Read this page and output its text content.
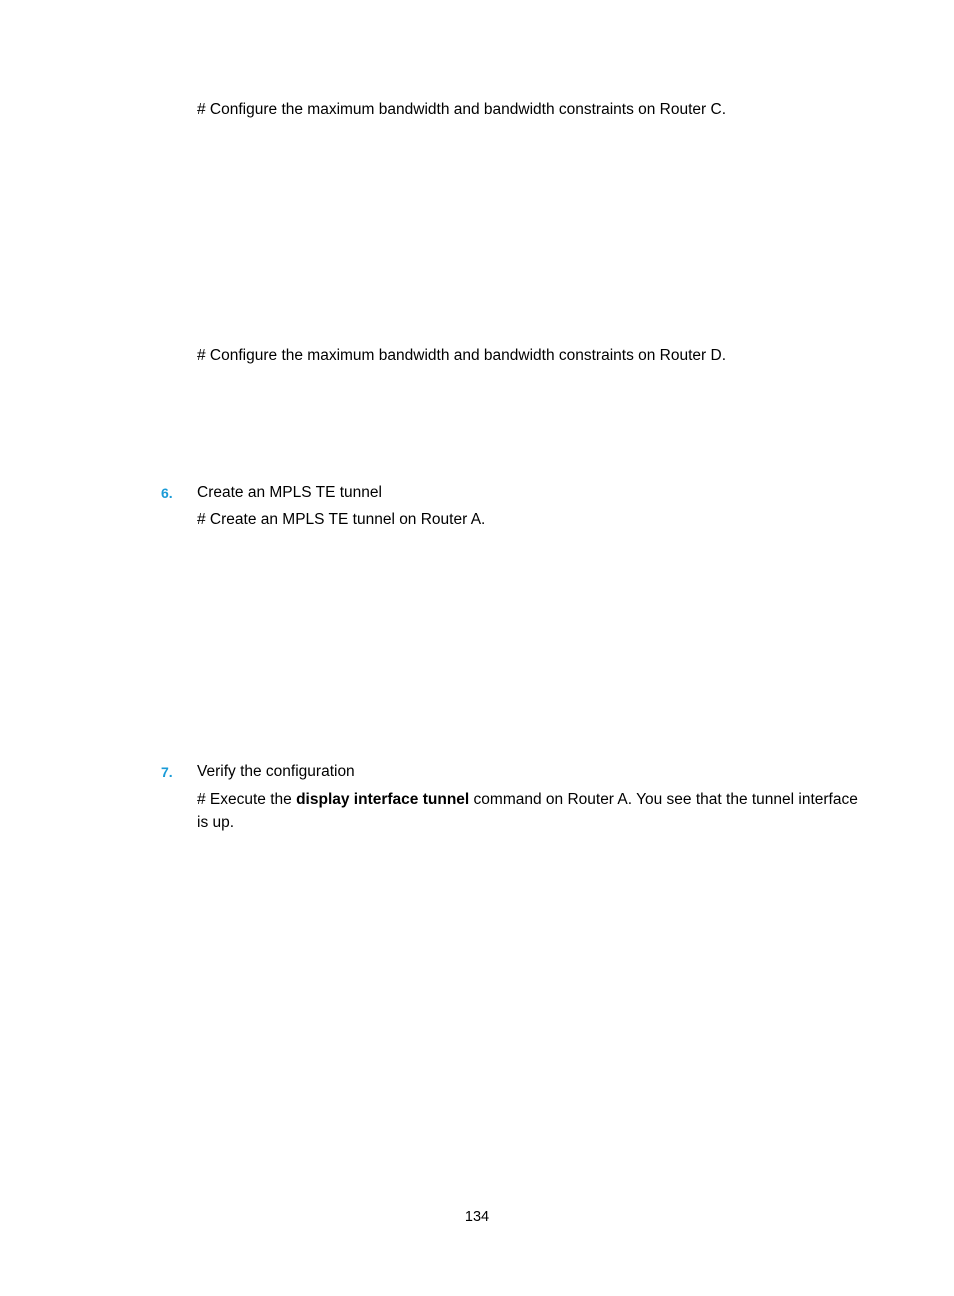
# Configure the maximum bandwidth and bandwidth constraints on Router C.
# Configure the maximum bandwidth and bandwidth constraints on Router D.
6. Create an MPLS TE tunnel
# Create an MPLS TE tunnel on Router A.
7. Verify the configuration
# Execute the display interface tunnel command on Router A. You see that the tunnel interface is up.
134
